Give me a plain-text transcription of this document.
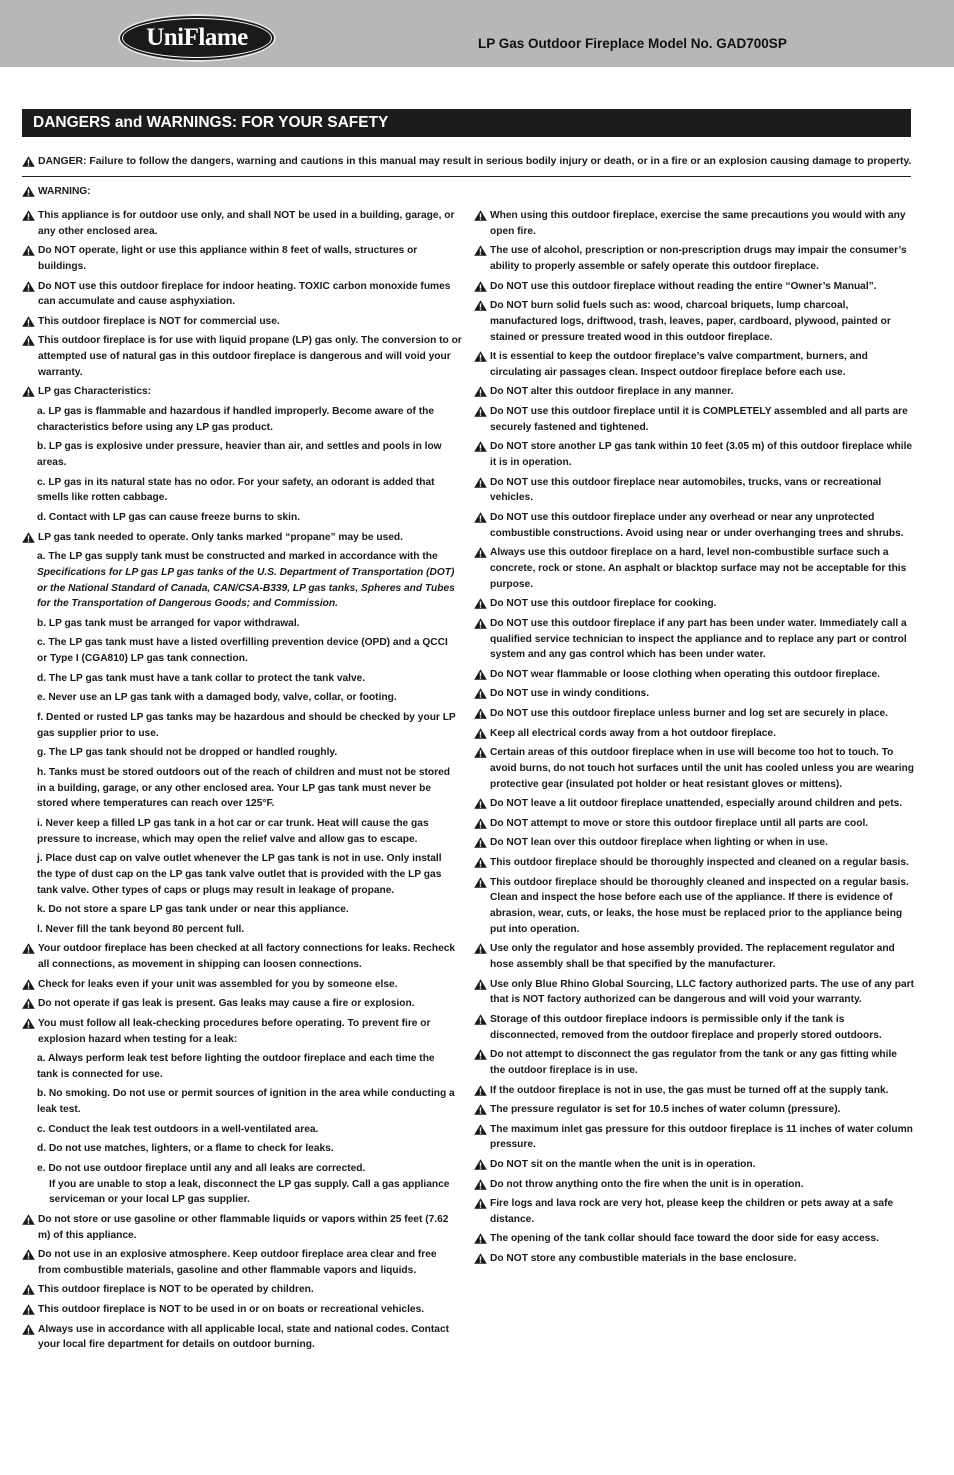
UniFlame	LP Gas Outdoor Fireplace Model No. GAD700SP
DANGERS and WARNINGS: FOR YOUR SAFETY
DANGER: Failure to follow the dangers, warning and cautions in this manual may result in serious bodily injury or death, or in a fire or an explosion causing damage to property.
WARNING:
This appliance is for outdoor use only, and shall NOT be used in a building, garage, or any other enclosed area.
Do NOT operate, light or use this appliance within 8 feet of walls, structures or buildings.
Do NOT use this outdoor fireplace for indoor heating. TOXIC carbon monoxide fumes can accumulate and cause asphyxiation.
This outdoor fireplace is NOT for commercial use.
This outdoor fireplace is for use with liquid propane (LP) gas only. The conversion to or attempted use of natural gas in this outdoor fireplace is dangerous and will void your warranty.
LP gas Characteristics:
a. LP gas is flammable and hazardous if handled improperly. Become aware of the characteristics before using any LP gas product.
b. LP gas is explosive under pressure, heavier than air, and settles and pools in low areas.
c. LP gas in its natural state has no odor. For your safety, an odorant is added that smells like rotten cabbage.
d. Contact with LP gas can cause freeze burns to skin.
LP gas tank needed to operate. Only tanks marked “propane” may be used.
a. The LP gas supply tank must be constructed and marked in accordance with the Specifications for LP gas LP gas tanks of the U.S. Department of Transportation (DOT) or the National Standard of Canada, CAN/CSA-B339, LP gas tanks, Spheres and Tubes for the Transportation of Dangerous Goods; and Commission.
b. LP gas tank must be arranged for vapor withdrawal.
c. The LP gas tank must have a listed overfilling prevention device (OPD) and a QCCI or Type I (CGA810) LP gas tank connection.
d. The LP gas tank must have a tank collar to protect the tank valve.
e. Never use an LP gas tank with a damaged body, valve, collar, or footing.
f. Dented or rusted LP gas tanks may be hazardous and should be checked by your LP gas supplier prior to use.
g. The LP gas tank should not be dropped or handled roughly.
h. Tanks must be stored outdoors out of the reach of children and must not be stored in a building, garage, or any other enclosed area. Your LP gas tank must never be stored where temperatures can reach over 125°F.
i. Never keep a filled LP gas tank in a hot car or car trunk. Heat will cause the gas pressure to increase, which may open the relief valve and allow gas to escape.
j. Place dust cap on valve outlet whenever the LP gas tank is not in use. Only install the type of dust cap on the LP gas tank valve outlet that is provided with the LP gas tank valve. Other types of caps or plugs may result in leakage of propane.
k. Do not store a spare LP gas tank under or near this appliance.
l. Never fill the tank beyond 80 percent full.
Your outdoor fireplace has been checked at all factory connections for leaks. Recheck all connections, as movement in shipping can loosen connections.
Check for leaks even if your unit was assembled for you by someone else.
Do not operate if gas leak is present. Gas leaks may cause a fire or explosion.
You must follow all leak-checking procedures before operating. To prevent fire or explosion hazard when testing for a leak:
a. Always perform leak test before lighting the outdoor fireplace and each time the tank is connected for use.
b. No smoking. Do not use or permit sources of ignition in the area while conducting a leak test.
c. Conduct the leak test outdoors in a well-ventilated area.
d. Do not use matches, lighters, or a flame to check for leaks.
e. Do not use outdoor fireplace until any and all leaks are corrected.
If you are unable to stop a leak, disconnect the LP gas supply. Call a gas appliance serviceman or your local LP gas supplier.
Do not store or use gasoline or other flammable liquids or vapors within 25 feet (7.62 m) of this appliance.
Do not use in an explosive atmosphere. Keep outdoor fireplace area clear and free from combustible materials, gasoline and other flammable vapors and liquids.
This outdoor fireplace is NOT to be operated by children.
This outdoor fireplace is NOT to be used in or on boats or recreational vehicles.
Always use in accordance with all applicable local, state and national codes. Contact your local fire department for details on outdoor burning.
When using this outdoor fireplace, exercise the same precautions you would with any open fire.
The use of alcohol, prescription or non-prescription drugs may impair the consumer’s ability to properly assemble or safely operate this outdoor fireplace.
Do NOT use this outdoor fireplace without reading the entire “Owner’s Manual”.
Do NOT burn solid fuels such as: wood, charcoal briquets, lump charcoal, manufactured logs, driftwood, trash, leaves, paper, cardboard, plywood, painted or stained or pressure treated wood in this outdoor fireplace.
It is essential to keep the outdoor fireplace’s valve compartment, burners, and circulating air passages clean. Inspect outdoor fireplace before each use.
Do NOT alter this outdoor fireplace in any manner.
Do NOT use this outdoor fireplace until it is COMPLETELY assembled and all parts are securely fastened and tightened.
Do NOT store another LP gas tank within 10 feet (3.05 m) of this outdoor fireplace while it is in operation.
Do NOT use this outdoor fireplace near automobiles, trucks, vans or recreational vehicles.
Do NOT use this outdoor fireplace under any overhead or near any unprotected combustible constructions. Avoid using near or under overhanging trees and shrubs.
Always use this outdoor fireplace on a hard, level non-combustible surface such a concrete, rock or stone. An asphalt or blacktop surface may not be acceptable for this purpose.
Do NOT use this outdoor fireplace for cooking.
Do NOT use this outdoor fireplace if any part has been under water. Immediately call a qualified service technician to inspect the appliance and to replace any part or control system and any gas control which has been under water.
Do NOT wear flammable or loose clothing when operating this outdoor fireplace.
Do NOT use in windy conditions.
Do NOT use this outdoor fireplace unless burner and log set are securely in place.
Keep all electrical cords away from a hot outdoor fireplace.
Certain areas of this outdoor fireplace when in use will become too hot to touch. To avoid burns, do not touch hot surfaces until the unit has cooled unless you are wearing protective gear (insulated pot holder or heat resistant gloves or mittens).
Do NOT leave a lit outdoor fireplace unattended, especially around children and pets.
Do NOT attempt to move or store this outdoor fireplace until all parts are cool.
Do NOT lean over this outdoor fireplace when lighting or when in use.
This outdoor fireplace should be thoroughly inspected and cleaned on a regular basis.
This outdoor fireplace should be thoroughly cleaned and inspected on a regular basis. Clean and inspect the hose before each use of the appliance. If there is evidence of abrasion, wear, cuts, or leaks, the hose must be replaced prior to the appliance being put into operation.
Use only the regulator and hose assembly provided. The replacement regulator and hose assembly shall be that specified by the manufacturer.
Use only Blue Rhino Global Sourcing, LLC factory authorized parts. The use of any part that is NOT factory authorized can be dangerous and will void your warranty.
Storage of this outdoor fireplace indoors is permissible only if the tank is disconnected, removed from the outdoor fireplace and properly stored outdoors.
Do not attempt to disconnect the gas regulator from the tank or any gas fitting while the outdoor fireplace is in use.
If the outdoor fireplace is not in use, the gas must be turned off at the supply tank.
The pressure regulator is set for 10.5 inches of water column (pressure).
The maximum inlet gas pressure for this outdoor fireplace is 11 inches of water column pressure.
Do NOT sit on the mantle when the unit is in operation.
Do not throw anything onto the fire when the unit is in operation.
Fire logs and lava rock are very hot, please keep the children or pets away at a safe distance.
The opening of the tank collar should face toward the door side for easy access.
Do NOT store any combustible materials in the base enclosure.
